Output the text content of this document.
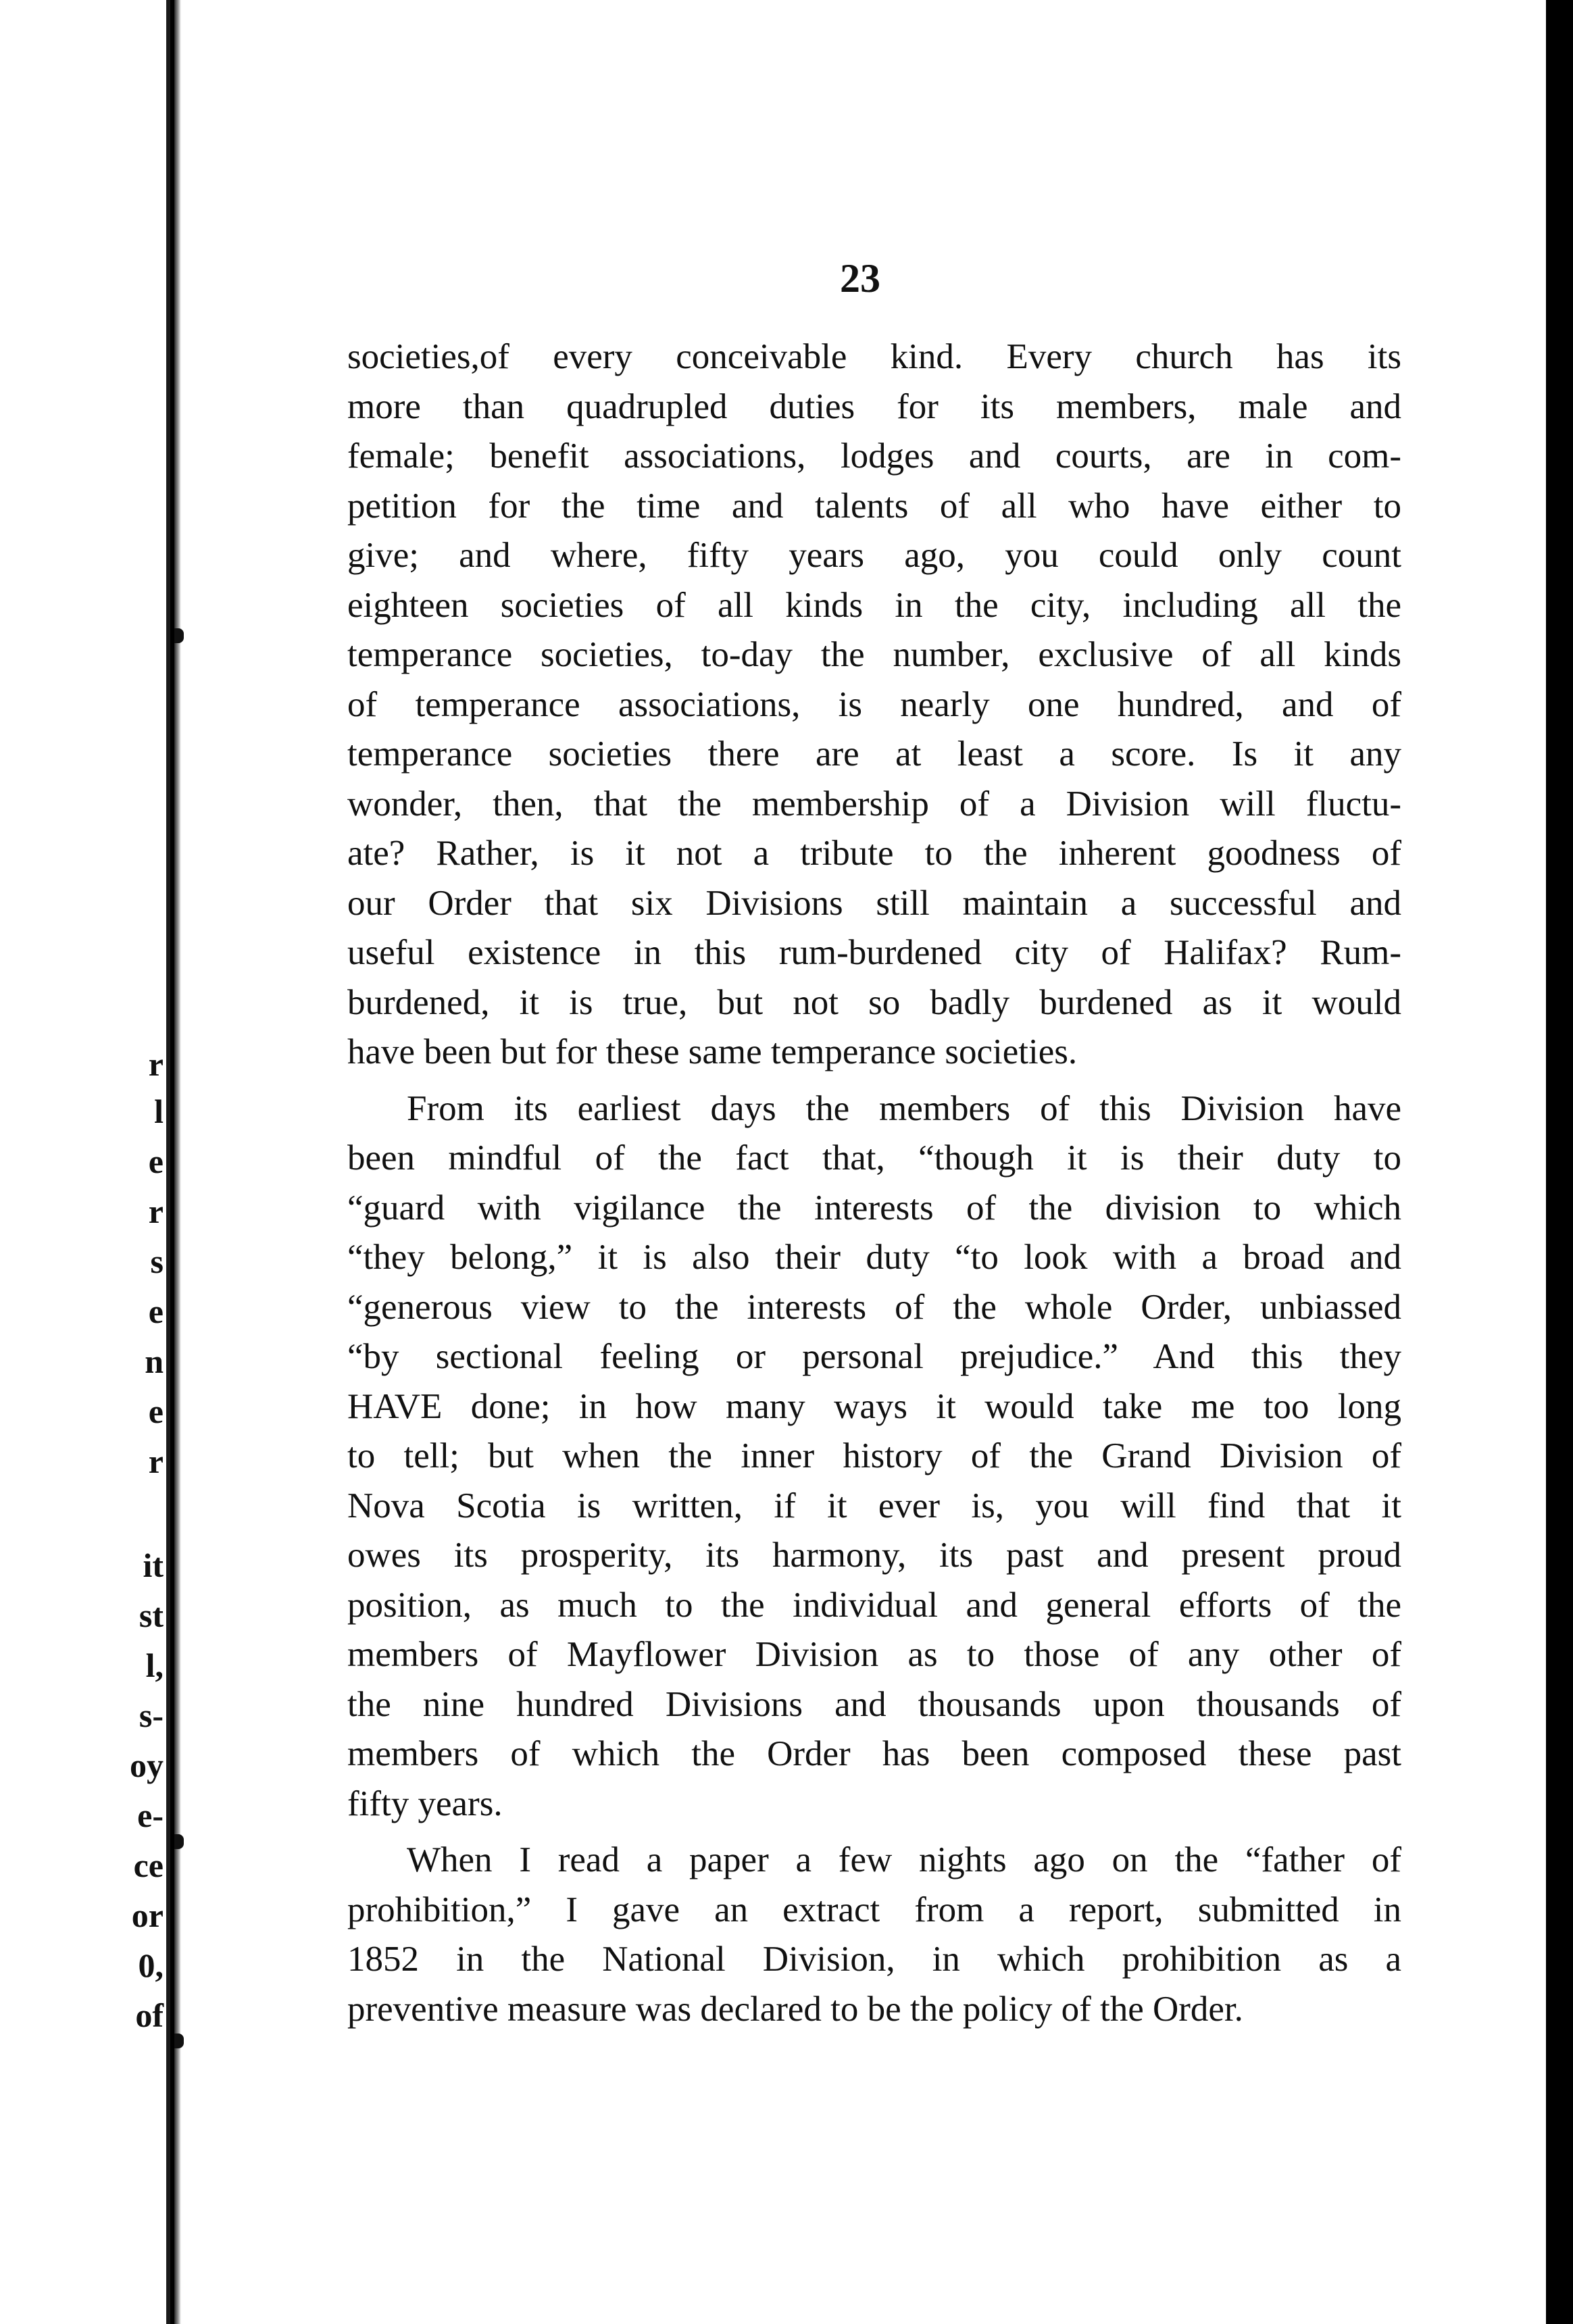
r
l
e
r
s
e
n
e
r
it
st
l,
s-
oy
e-
ce
or
0,
of
23
societies,of every conceivable kind. Every church has its
more than quadrupled duties for its members, male and
female; benefit associations, lodges and courts, are in com-
petition for the time and talents of all who have either to
give; and where, fifty years ago, you could only count
eighteen societies of all kinds in the city, including all the
temperance societies, to-day the number, exclusive of all kinds
of temperance associations, is nearly one hundred, and of
temperance societies there are at least a score. Is it any
wonder, then, that the membership of a Division will fluctu-
ate? Rather, is it not a tribute to the inherent goodness of
our Order that six Divisions still maintain a successful and
useful existence in this rum-burdened city of Halifax? Rum-
burdened, it is true, but not so badly burdened as it would
have been but for these same temperance societies.
From its earliest days the members of this Division have
been mindful of the fact that, “though it is their duty to
“guard with vigilance the interests of the division to which
“they belong,” it is also their duty “to look with a broad and
“generous view to the interests of the whole Order, unbiassed
“by sectional feeling or personal prejudice.” And this they
HAVE done; in how many ways it would take me too long
to tell; but when the inner history of the Grand Division of
Nova Scotia is written, if it ever is, you will find that it
owes its prosperity, its harmony, its past and present proud
position, as much to the individual and general efforts of the
members of Mayflower Division as to those of any other of
the nine hundred Divisions and thousands upon thousands of
members of which the Order has been composed these past
fifty years.
When I read a paper a few nights ago on the “father of
prohibition,” I gave an extract from a report, submitted in
1852 in the National Division, in which prohibition as a
preventive measure was declared to be the policy of the Order.
